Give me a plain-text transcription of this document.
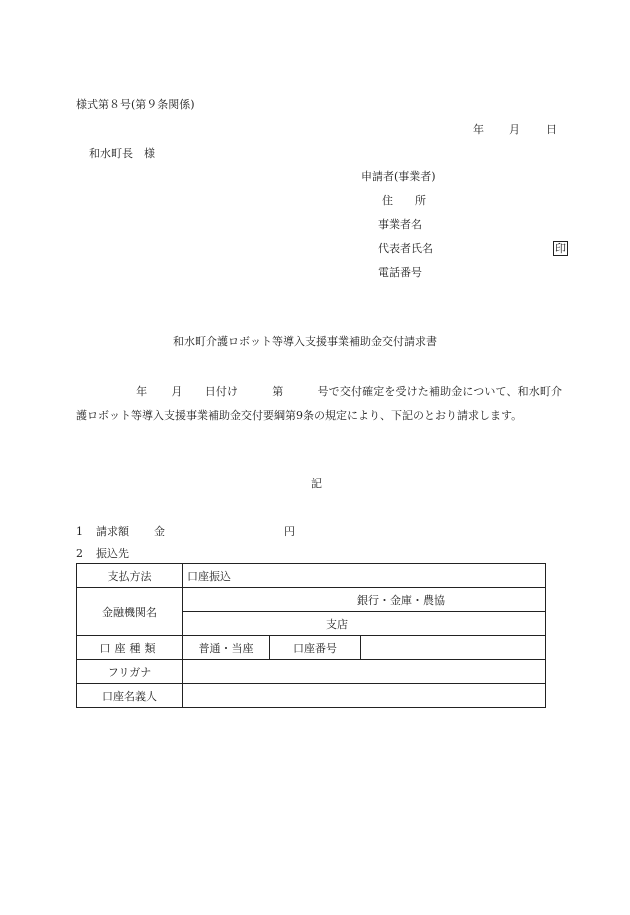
様式第８号(第９条関係)
年 月 日
和水町長　様
申請者(事業者)
住　　所
事業者名
代表者氏名	印
電話番号
和水町介護ロボット等導入支援事業補助金交付請求書
年 月 日付け	第	号で交付確定を受けた補助金について、和水町介護ロボット等導入支援事業補助金交付要綱第9条の規定により、下記のとおり請求します。
記
1 請求額 金	円
2 振込先
支払方法	口座振込		
金融機関名	銀行・金庫・農協		
	支店		
口座種類	普通・当座	口座番号	
フリガナ			
口座名義人			
